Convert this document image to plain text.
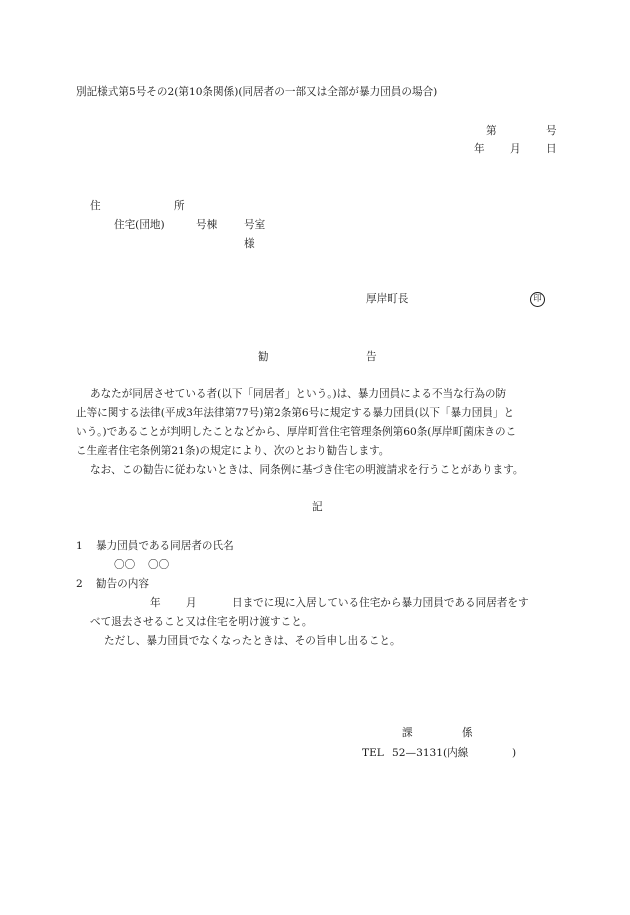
別記様式第5号その2(第10条関係)(同居者の一部又は全部が暴力団員の場合)
第	号
年 月 日
住	所
住宅(団地)	号棟	号室
様
厚岸町長	印
勧	告
あなたが同居させている者(以下「同居者」という。)は、暴力団員による不当な行為の防
止等に関する法律(平成3年法律第77号)第2条第6号に規定する暴力団員(以下「暴力団員」と
いう。)であることが判明したことなどから、厚岸町営住宅管理条例第60条(厚岸町菌床きのこ
こ生産者住宅条例第21条)の規定により、次のとおり勧告します。
なお、この勧告に従わないときは、同条例に基づき住宅の明渡請求を行うことがあります。
記
1 暴力団員である同居者の氏名
〇〇 〇〇
2 勧告の内容
年 月	日までに現に入居している住宅から暴力団員である同居者をす
べて退去させること又は住宅を明け渡すこと。
ただし、暴力団員でなくなったときは、その旨申し出ること。
課	係
TEL 52—3131(内線	)
